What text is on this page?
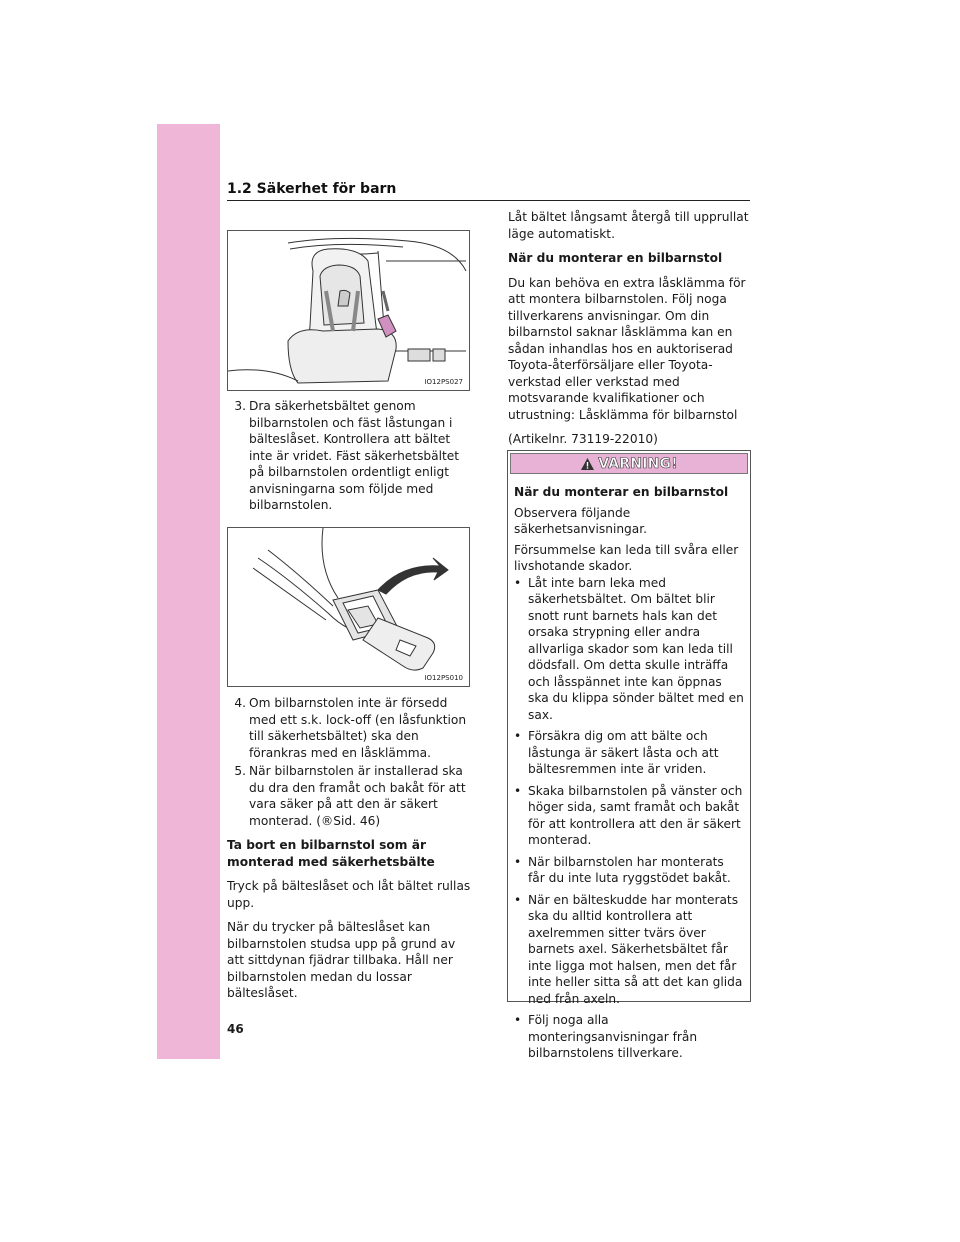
1.2 Säkerhet för barn
IO12PS027
IO12PS010
3. Dra säkerhetsbältet genom bilbarnstolen och fäst låstungan i bälteslåset. Kontrollera att bältet inte är vridet. Fäst säkerhetsbältet på bilbarnstolen ordentligt enligt anvisningarna som följde med bilbarnstolen.
4. Om bilbarnstolen inte är försedd med ett s.k. lock-off (en låsfunktion till säkerhetsbältet) ska den förankras med en låsklämma.
5. När bilbarnstolen är installerad ska du dra den framåt och bakåt för att vara säker på att den är säkert monterad. (®Sid. 46)

Ta bort en bilbarnstol som är monterad med säkerhetsbälte

Tryck på bälteslåset och låt bältet rullas upp.

När du trycker på bälteslåset kan bilbarnstolen studsa upp på grund av att sittdynan fjädrar tillbaka. Håll ner bilbarnstolen medan du lossar bälteslåset.

Låt bältet långsamt återgå till upprullat läge automatiskt.

När du monterar en bilbarnstol

Du kan behöva en extra låsklämma för att montera bilbarnstolen. Följ noga tillverkarens anvisningar. Om din bilbarnstol saknar låsklämma kan en sådan inhandlas hos en auktoriserad Toyota-återförsäljare eller Toyota-verkstad eller verkstad med motsvarande kvalifikationer och utrustning: Låsklämma för bilbarnstol

(Artikelnr. 73119-22010)

VARNING!

När du monterar en bilbarnstol

Observera följande säkerhetsanvisningar.

Försummelse kan leda till svåra eller livshotande skador.

• Låt inte barn leka med säkerhetsbältet. Om bältet blir snott runt barnets hals kan det orsaka strypning eller andra allvarliga skador som kan leda till dödsfall. Om detta skulle inträffa och låsspännet inte kan öppnas ska du klippa sönder bältet med en sax.
• Försäkra dig om att bälte och låstunga är säkert låsta och att bältesremmen inte är vriden.
• Skaka bilbarnstolen på vänster och höger sida, samt framåt och bakåt för att kontrollera att den är säkert monterad.
• När bilbarnstolen har monterats får du inte luta ryggstödet bakåt.
• När en bälteskudde har monterats ska du alltid kontrollera att axelremmen sitter tvärs över barnets axel. Säkerhetsbältet får inte ligga mot halsen, men det får inte heller sitta så att det kan glida ned från axeln.
• Följ noga alla monteringsanvisningar från bilbarnstolens tillverkare.
46
